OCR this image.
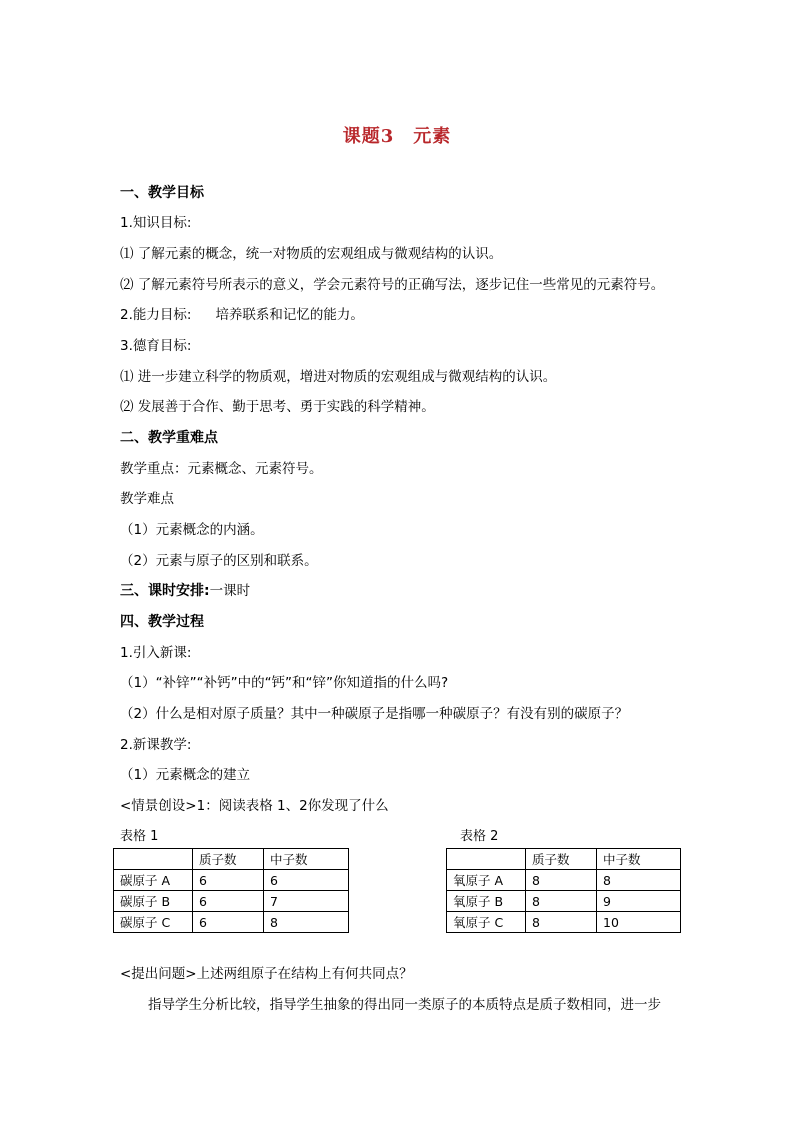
课题3　元素
一、教学目标
1.知识目标:
⑴ 了解元素的概念，统一对物质的宏观组成与微观结构的认识。
⑵ 了解元素符号所表示的意义，学会元素符号的正确写法，逐步记住一些常见的元素符号。
2.能力目标: 培养联系和记忆的能力。
3.德育目标:
⑴ 进一步建立科学的物质观，增进对物质的宏观组成与微观结构的认识。
⑵ 发展善于合作、勤于思考、勇于实践的科学精神。
二、教学重难点
教学重点：元素概念、元素符号。
教学难点
（1）元素概念的内涵。
（2）元素与原子的区别和联系。
三、课时安排:一课时
四、教学过程
1.引入新课:
（1）“补锌”“补钙”中的“钙”和“锌”你知道指的什么吗?
（2）什么是相对原子质量？其中一种碳原子是指哪一种碳原子？有没有别的碳原子？
2.新课教学:
（1）元素概念的建立
<情景创设>1：阅读表格 1、2你发现了什么
表格 1	表格 2
	质子数	中子数
碳原子 A	6	6
碳原子 B	6	7
碳原子 C	6	8
	质子数	中子数
氧原子 A	8	8
氧原子 B	8	9
氧原子 C	8	10
<提出问题>上述两组原子在结构上有何共同点？
指导学生分析比较，指导学生抽象的得出同一类原子的本质特点是质子数相同，进一步
